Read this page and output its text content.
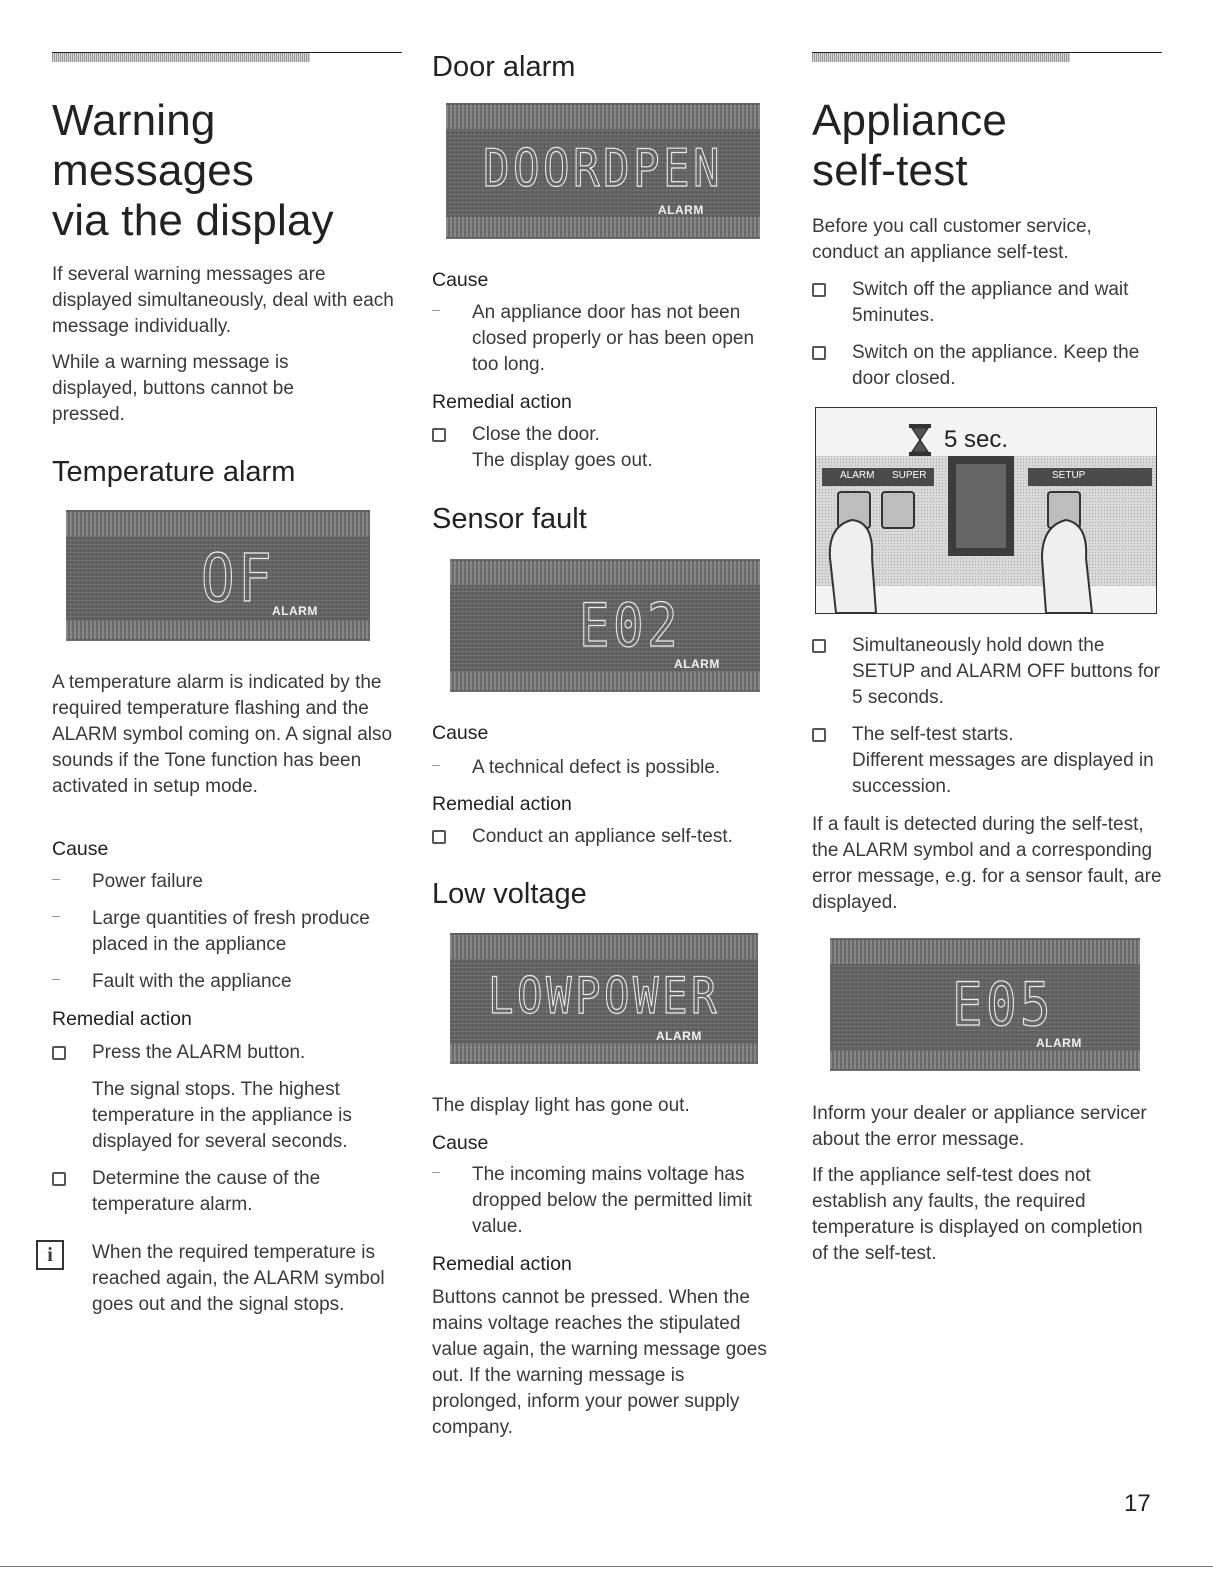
Warning
messages
via the display
If several warning messages are displayed simultaneously, deal with each message individually.
While a warning message is displayed, buttons cannot be pressed.
Temperature alarm
OF
ALARM
A temperature alarm is indicated by the required temperature flashing and the ALARM symbol coming on. A signal also sounds if the Tone function has been activated in setup mode.
Cause
Power failure
Large quantities of fresh produce placed in the appliance
Fault with the appliance
Remedial action
Press the ALARM button.
The signal stops. The highest temperature in the appliance is displayed for several seconds.
Determine the cause of the temperature alarm.
i	When the required temperature is reached again, the ALARM symbol goes out and the signal stops.
Door alarm
DOORDPEN
ALARM
Cause
An appliance door has not been closed properly or has been open too long.
Remedial action
Close the door.
The display goes out.
Sensor fault
E02
ALARM
Cause
A technical defect is possible.
Remedial action
Conduct an appliance self-test.
Low voltage
LOWPOWER
ALARM
The display light has gone out.
Cause
The incoming mains voltage has dropped below the permitted limit value.
Remedial action
Buttons cannot be pressed. When the mains voltage reaches the stipulated value again, the warning message goes out. If the warning message is prolonged, inform your power supply company.
Appliance
self-test
Before you call customer service, conduct an appliance self-test.
Switch off the appliance and wait 5minutes.
Switch on the appliance. Keep the door closed.
5 sec.
ALARM SUPER	SETUP
Simultaneously hold down the SETUP and ALARM OFF buttons for 5 seconds.
The self-test starts.
Different messages are displayed in succession.
If a fault is detected during the self-test, the ALARM symbol and a corresponding error message, e.g. for a sensor fault, are displayed.
E05
ALARM
Inform your dealer or appliance servicer about the error message.
If the appliance self-test does not establish any faults, the required temperature is displayed on completion of the self-test.
17
